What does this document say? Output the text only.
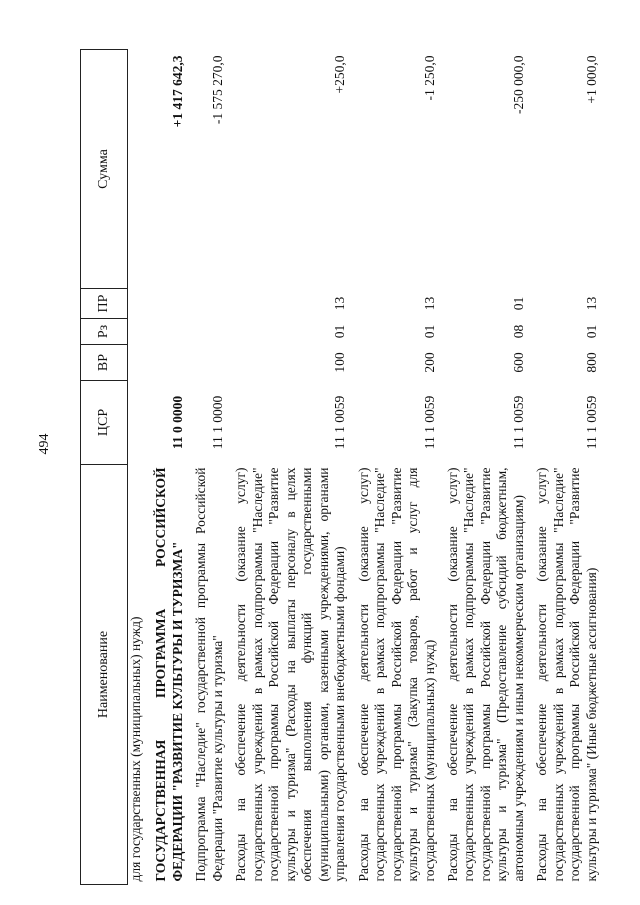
494
Наименование	ЦСР	ВР	Рз	ПР	Сумма
для государственных (муниципальных) нужд)					
ГОСУДАРСТВЕННАЯ ПРОГРАММА РОССИЙСКОЙ ФЕДЕРАЦИИ "РАЗВИТИЕ КУЛЬТУРЫ И ТУРИЗМА"	11 0 0000				+1 417 642,3
Подпрограмма "Наследие" государственной программы Российской Федерации "Развитие культуры и туризма"	11 1 0000				-1 575 270,0
Расходы на обеспечение деятельности (оказание услуг) государственных учреждений в рамках подпрограммы "Наследие" государственной программы Российской Федерации "Развитие культуры и туризма" (Расходы на выплаты персоналу в целях обеспечения выполнения функций государственными (муниципальными) органами, казенными учреждениями, органами управления государственными внебюджетными фондами)	11 1 0059	100	01	13	+250,0
Расходы на обеспечение деятельности (оказание услуг) государственных учреждений в рамках подпрограммы "Наследие" государственной программы Российской Федерации "Развитие культуры и туризма" (Закупка товаров, работ и услуг для государственных (муниципальных) нужд)	11 1 0059	200	01	13	-1 250,0
Расходы на обеспечение деятельности (оказание услуг) государственных учреждений в рамках подпрограммы "Наследие" государственной программы Российской Федерации "Развитие культуры и туризма" (Предоставление субсидий бюджетным, автономным учреждениям и иным некоммерческим организациям)	11 1 0059	600	08	01	-250 000,0
Расходы на обеспечение деятельности (оказание услуг) государственных учреждений в рамках подпрограммы "Наследие" государственной программы Российской Федерации "Развитие культуры и туризма" (Иные бюджетные ассигнования)	11 1 0059	800	01	13	+1 000,0
